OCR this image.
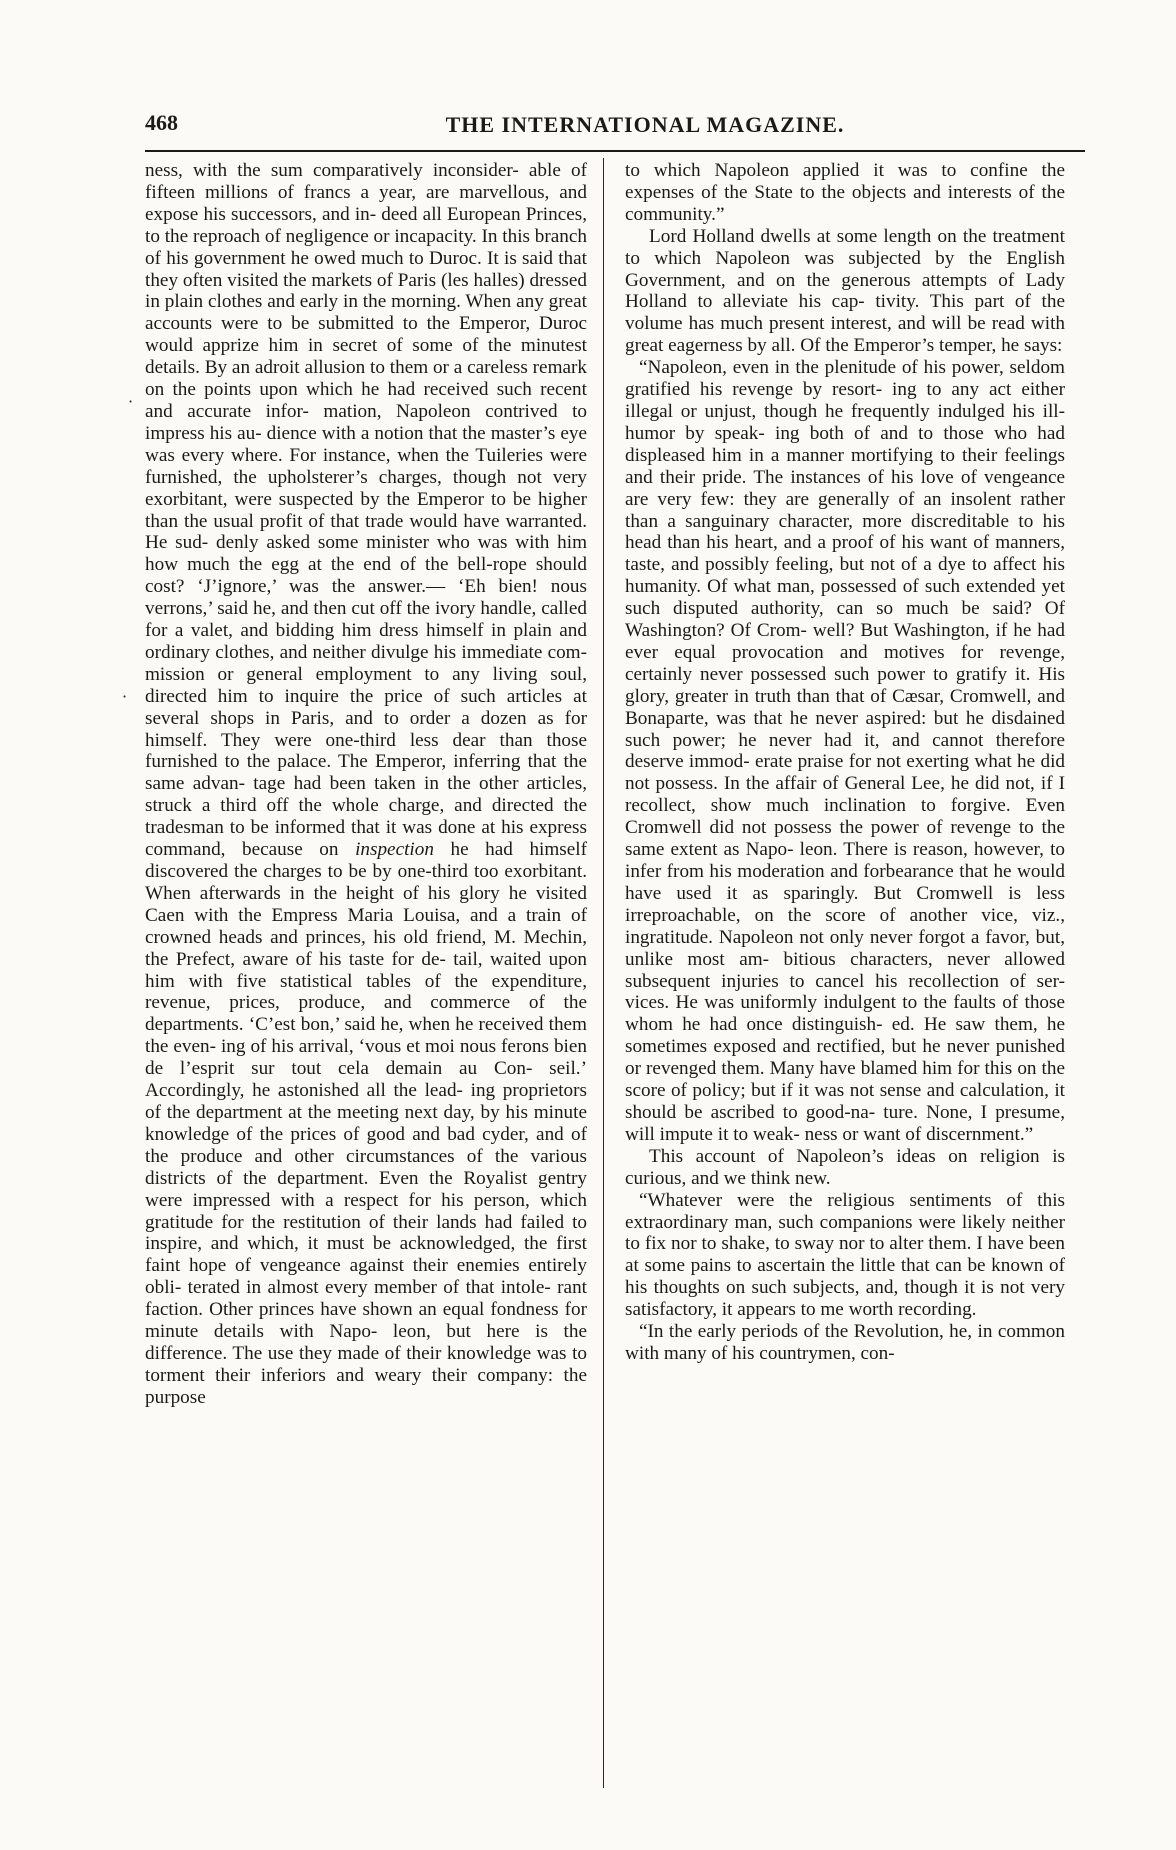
468	THE INTERNATIONAL MAGAZINE.

ness, with the sum comparatively inconsider- able of fifteen millions of francs a year, are marvellous, and expose his successors, and in- deed all European Princes, to the reproach of negligence or incapacity. In this branch of his government he owed much to Duroc. It is said that they often visited the markets of Paris (les halles) dressed in plain clothes and early in the morning. When any great accounts were to be submitted to the Emperor, Duroc would apprize him in secret of some of the minutest details. By an adroit allusion to them or a careless remark on the points upon which he had received such recent and accurate infor- mation, Napoleon contrived to impress his au- dience with a notion that the master’s eye was every where. For instance, when the Tuileries were furnished, the upholsterer’s charges, though not very exorbitant, were suspected by the Emperor to be higher than the usual profit of that trade would have warranted. He sud- denly asked some minister who was with him how much the egg at the end of the bell-rope should cost? ‘J’ignore,’ was the answer.— ‘Eh bien! nous verrons,’ said he, and then cut off the ivory handle, called for a valet, and bidding him dress himself in plain and ordinary clothes, and neither divulge his immediate com- mission or general employment to any living soul, directed him to inquire the price of such articles at several shops in Paris, and to order a dozen as for himself. They were one-third less dear than those furnished to the palace. The Emperor, inferring that the same advan- tage had been taken in the other articles, struck a third off the whole charge, and directed the tradesman to be informed that it was done at his express command, because on inspection he had himself discovered the charges to be by one-third too exorbitant. When afterwards in the height of his glory he visited Caen with the Empress Maria Louisa, and a train of crowned heads and princes, his old friend, M. Mechin, the Prefect, aware of his taste for de- tail, waited upon him with five statistical tables of the expenditure, revenue, prices, produce, and commerce of the departments. ‘C’est bon,’ said he, when he received them the even- ing of his arrival, ‘vous et moi nous ferons bien de l’esprit sur tout cela demain au Con- seil.’ Accordingly, he astonished all the lead- ing proprietors of the department at the meeting next day, by his minute knowledge of the prices of good and bad cyder, and of the produce and other circumstances of the various districts of the department. Even the Royalist gentry were impressed with a respect for his person, which gratitude for the restitution of their lands had failed to inspire, and which, it must be acknowledged, the first faint hope of vengeance against their enemies entirely obli- terated in almost every member of that intole- rant faction. Other princes have shown an equal fondness for minute details with Napo- leon, but here is the difference. The use they made of their knowledge was to torment their inferiors and weary their company: the purpose

to which Napoleon applied it was to confine the expenses of the State to the objects and interests of the community.”

Lord Holland dwells at some length on the treatment to which Napoleon was subjected by the English Government, and on the generous attempts of Lady Holland to alleviate his cap- tivity. This part of the volume has much present interest, and will be read with great eagerness by all. Of the Emperor’s temper, he says:

“Napoleon, even in the plenitude of his power, seldom gratified his revenge by resort- ing to any act either illegal or unjust, though he frequently indulged his ill-humor by speak- ing both of and to those who had displeased him in a manner mortifying to their feelings and their pride. The instances of his love of vengeance are very few: they are generally of an insolent rather than a sanguinary character, more discreditable to his head than his heart, and a proof of his want of manners, taste, and possibly feeling, but not of a dye to affect his humanity. Of what man, possessed of such extended yet such disputed authority, can so much be said? Of Washington? Of Crom- well? But Washington, if he had ever equal provocation and motives for revenge, certainly never possessed such power to gratify it. His glory, greater in truth than that of Cæsar, Cromwell, and Bonaparte, was that he never aspired: but he disdained such power; he never had it, and cannot therefore deserve immod- erate praise for not exerting what he did not possess. In the affair of General Lee, he did not, if I recollect, show much inclination to forgive. Even Cromwell did not possess the power of revenge to the same extent as Napo- leon. There is reason, however, to infer from his moderation and forbearance that he would have used it as sparingly. But Cromwell is less irreproachable, on the score of another vice, viz., ingratitude. Napoleon not only never forgot a favor, but, unlike most am- bitious characters, never allowed subsequent injuries to cancel his recollection of ser- vices. He was uniformly indulgent to the faults of those whom he had once distinguish- ed. He saw them, he sometimes exposed and rectified, but he never punished or revenged them. Many have blamed him for this on the score of policy; but if it was not sense and calculation, it should be ascribed to good-na- ture. None, I presume, will impute it to weak- ness or want of discernment.”

This account of Napoleon’s ideas on religion is curious, and we think new.

“Whatever were the religious sentiments of this extraordinary man, such companions were likely neither to fix nor to shake, to sway nor to alter them. I have been at some pains to ascertain the little that can be known of his thoughts on such subjects, and, though it is not very satisfactory, it appears to me worth recording.

“In the early periods of the Revolution, he, in common with many of his countrymen, con-

·
·
